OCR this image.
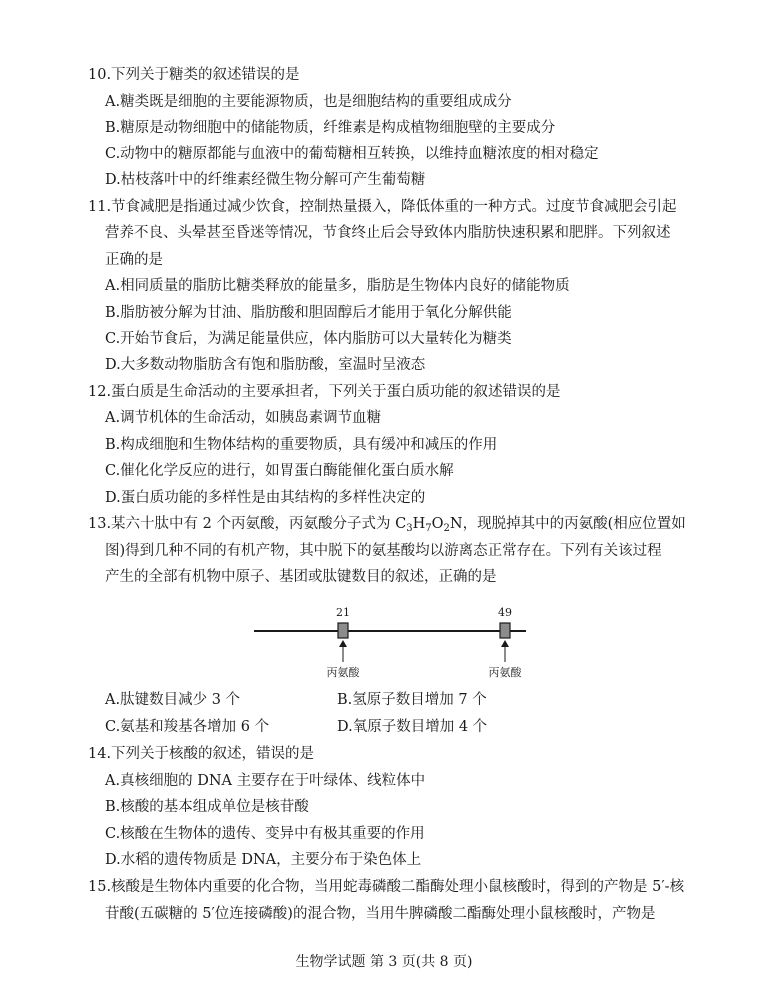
10.下列关于糖类的叙述错误的是
A.糖类既是细胞的主要能源物质，也是细胞结构的重要组成成分
B.糖原是动物细胞中的储能物质，纤维素是构成植物细胞壁的主要成分
C.动物中的糖原都能与血液中的葡萄糖相互转换，以维持血糖浓度的相对稳定
D.枯枝落叶中的纤维素经微生物分解可产生葡萄糖
11.节食减肥是指通过减少饮食，控制热量摄入，降低体重的一种方式。过度节食减肥会引起
营养不良、头晕甚至昏迷等情况，节食终止后会导致体内脂肪快速积累和肥胖。下列叙述
正确的是
A.相同质量的脂肪比糖类释放的能量多，脂肪是生物体内良好的储能物质
B.脂肪被分解为甘油、脂肪酸和胆固醇后才能用于氧化分解供能
C.开始节食后，为满足能量供应，体内脂肪可以大量转化为糖类
D.大多数动物脂肪含有饱和脂肪酸，室温时呈液态
12.蛋白质是生命活动的主要承担者，下列关于蛋白质功能的叙述错误的是
A.调节机体的生命活动，如胰岛素调节血糖
B.构成细胞和生物体结构的重要物质，具有缓冲和减压的作用
C.催化化学反应的进行，如胃蛋白酶能催化蛋白质水解
D.蛋白质功能的多样性是由其结构的多样性决定的
13.某六十肽中有 2 个丙氨酸，丙氨酸分子式为 $C_3H_7O_2N$，现脱掉其中的丙氨酸(相应位置如
图)得到几种不同的有机产物，其中脱下的氨基酸均以游离态正常存在。下列有关该过程
产生的全部有机物中原子、基团或肽键数目的叙述，正确的是
21	49
丙氨酸	丙氨酸
A.肽键数目减少 3 个	B.氢原子数目增加 7 个
C.氨基和羧基各增加 6 个	D.氧原子数目增加 4 个
14.下列关于核酸的叙述，错误的是
A.真核细胞的 DNA 主要存在于叶绿体、线粒体中
B.核酸的基本组成单位是核苷酸
C.核酸在生物体的遗传、变异中有极其重要的作用
D.水稻的遗传物质是 DNA，主要分布于染色体上
15.核酸是生物体内重要的化合物，当用蛇毒磷酸二酯酶处理小鼠核酸时，得到的产物是 5′-核
苷酸(五碳糖的 5′位连接磷酸)的混合物，当用牛脾磷酸二酯酶处理小鼠核酸时，产物是
生物学试题 第 3 页(共 8 页)
